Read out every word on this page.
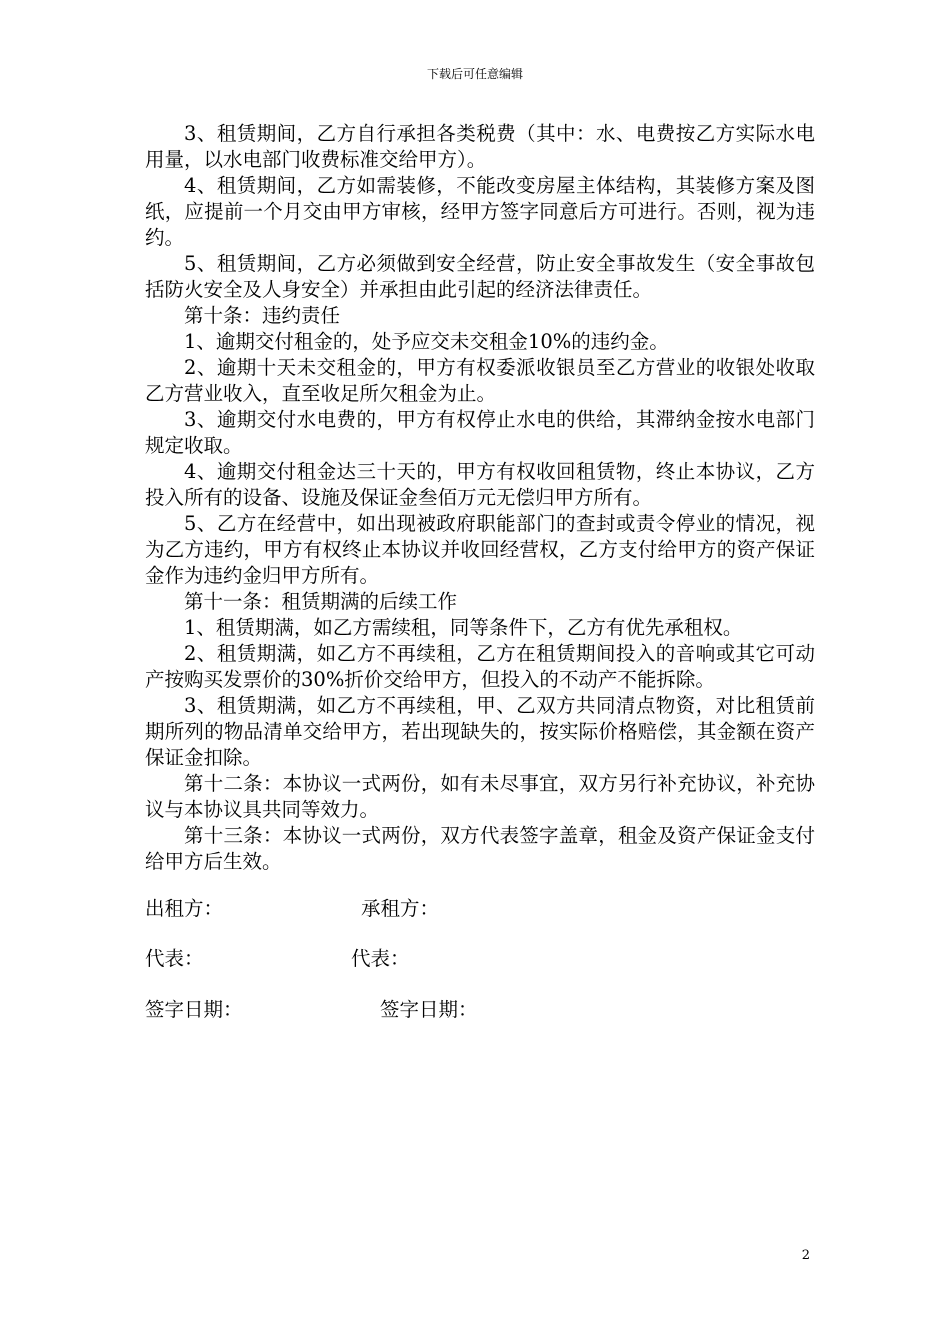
下载后可任意编辑

3、租赁期间，乙方自行承担各类税费（其中：水、电费按乙方实际水电用量，以水电部门收费标准交给甲方）。

4、租赁期间，乙方如需装修，不能改变房屋主体结构，其装修方案及图纸，应提前一个月交由甲方审核，经甲方签字同意后方可进行。否则，视为违约。

5、租赁期间，乙方必须做到安全经营，防止安全事故发生（安全事故包括防火安全及人身安全）并承担由此引起的经济法律责任。

第十条：违约责任

1、逾期交付租金的，处予应交未交租金10%的违约金。

2、逾期十天未交租金的，甲方有权委派收银员至乙方营业的收银处收取乙方营业收入，直至收足所欠租金为止。

3、逾期交付水电费的，甲方有权停止水电的供给，其滞纳金按水电部门规定收取。

4、逾期交付租金达三十天的，甲方有权收回租赁物，终止本协议，乙方投入所有的设备、设施及保证金叁佰万元无偿归甲方所有。

5、乙方在经营中，如出现被政府职能部门的查封或责令停业的情况，视为乙方违约，甲方有权终止本协议并收回经营权，乙方支付给甲方的资产保证金作为违约金归甲方所有。

第十一条：租赁期满的后续工作

1、租赁期满，如乙方需续租，同等条件下，乙方有优先承租权。

2、租赁期满，如乙方不再续租，乙方在租赁期间投入的音响或其它可动产按购买发票价的30%折价交给甲方，但投入的不动产不能拆除。

3、租赁期满，如乙方不再续租，甲、乙双方共同清点物资，对比租赁前期所列的物品清单交给甲方，若出现缺失的，按实际价格赔偿，其金额在资产保证金扣除。

第十二条：本协议一式两份，如有未尽事宜，双方另行补充协议，补充协议与本协议具共同等效力。

第十三条：本协议一式两份，双方代表签字盖章，租金及资产保证金支付给甲方后生效。

出租方：	承租方：
代表：	代表：
签字日期：	签字日期：
2
